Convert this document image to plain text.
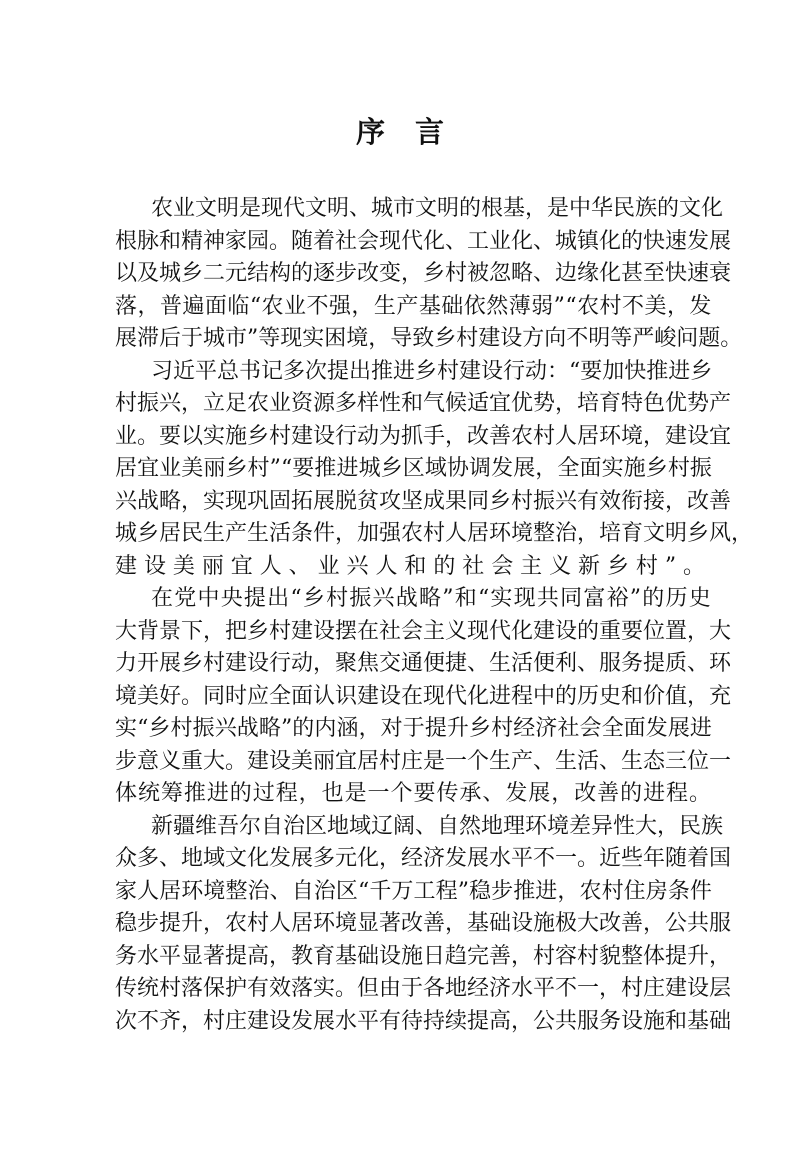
序 言
农业文明是现代文明、城市文明的根基，是中华民族的文化
根脉和精神家园。随着社会现代化、工业化、城镇化的快速发展
以及城乡二元结构的逐步改变，乡村被忽略、边缘化甚至快速衰
落，普遍面临“农业不强，生产基础依然薄弱”“农村不美，发
展滞后于城市”等现实困境，导致乡村建设方向不明等严峻问题。
习近平总书记多次提出推进乡村建设行动：“要加快推进乡
村振兴，立足农业资源多样性和气候适宜优势，培育特色优势产
业。要以实施乡村建设行动为抓手，改善农村人居环境，建设宜
居宜业美丽乡村”“要推进城乡区域协调发展，全面实施乡村振
兴战略，实现巩固拓展脱贫攻坚成果同乡村振兴有效衔接，改善
城乡居民生产生活条件，加强农村人居环境整治，培育文明乡风，
建设美丽宜人、业兴人和的社会主义新乡村”。
在党中央提出“乡村振兴战略”和“实现共同富裕”的历史
大背景下，把乡村建设摆在社会主义现代化建设的重要位置，大
力开展乡村建设行动，聚焦交通便捷、生活便利、服务提质、环
境美好。同时应全面认识建设在现代化进程中的历史和价值，充
实“乡村振兴战略”的内涵，对于提升乡村经济社会全面发展进
步意义重大。建设美丽宜居村庄是一个生产、生活、生态三位一
体统筹推进的过程，也是一个要传承、发展，改善的进程。
新疆维吾尔自治区地域辽阔、自然地理环境差异性大，民族
众多、地域文化发展多元化，经济发展水平不一。近些年随着国
家人居环境整治、自治区“千万工程”稳步推进，农村住房条件
稳步提升，农村人居环境显著改善，基础设施极大改善，公共服
务水平显著提高，教育基础设施日趋完善，村容村貌整体提升，
传统村落保护有效落实。但由于各地经济水平不一，村庄建设层
次不齐，村庄建设发展水平有待持续提高，公共服务设施和基础
